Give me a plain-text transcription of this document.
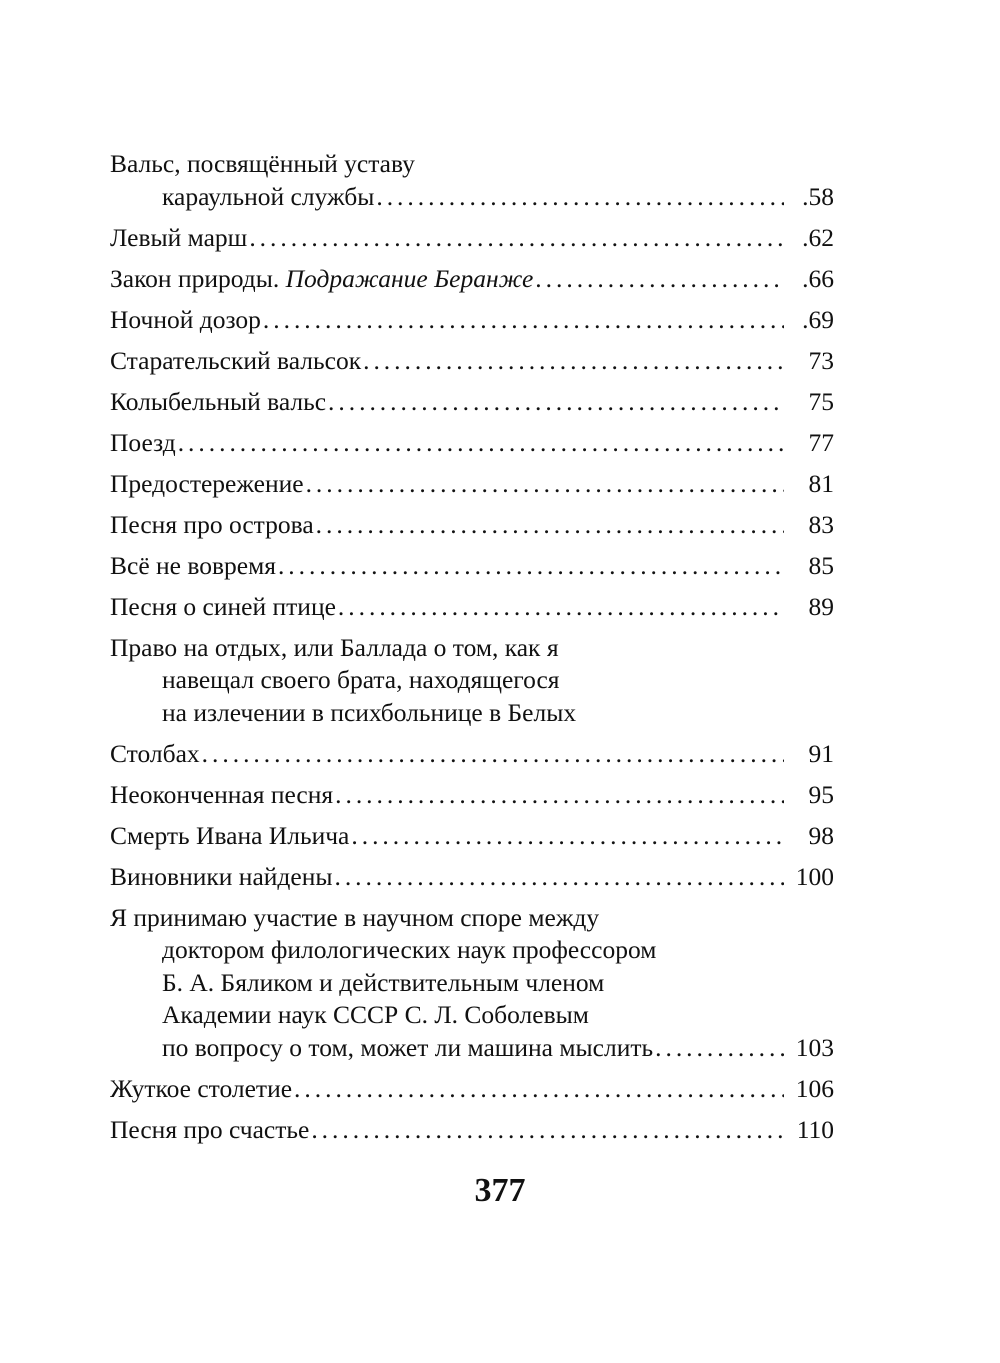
Вальс, посвящённый уставу
караульной службы . . .	.58
Левый марш . . .	.62
Закон природы. Подражание Беранже . . .	.66
Ночной дозор . . .	.69
Старательский вальсок . . .	73
Колыбельный вальс . . .	75
Поезд . . .	77
Предостережение . . .	81
Песня про острова . . .	83
Всё не вовремя . . .	85
Песня о синей птице . . .	89
Право на отдых, или Баллада о том, как я
навещал своего брата, находящегося
на излечении в психбольнице в Белых
Столбах . . .	91
Неоконченная песня . . .	95
Смерть Ивана Ильича . . .	98
Виновники найдены . . .	100
Я принимаю участие в научном споре между
доктором филологических наук профессором
Б. А. Бяликом и действительным членом
Академии наук СССР С. Л. Соболевым
по вопросу о том, может ли машина мыслить . . .	103
Жуткое столетие . . .	106
Песня про счастье . . .	110
377
